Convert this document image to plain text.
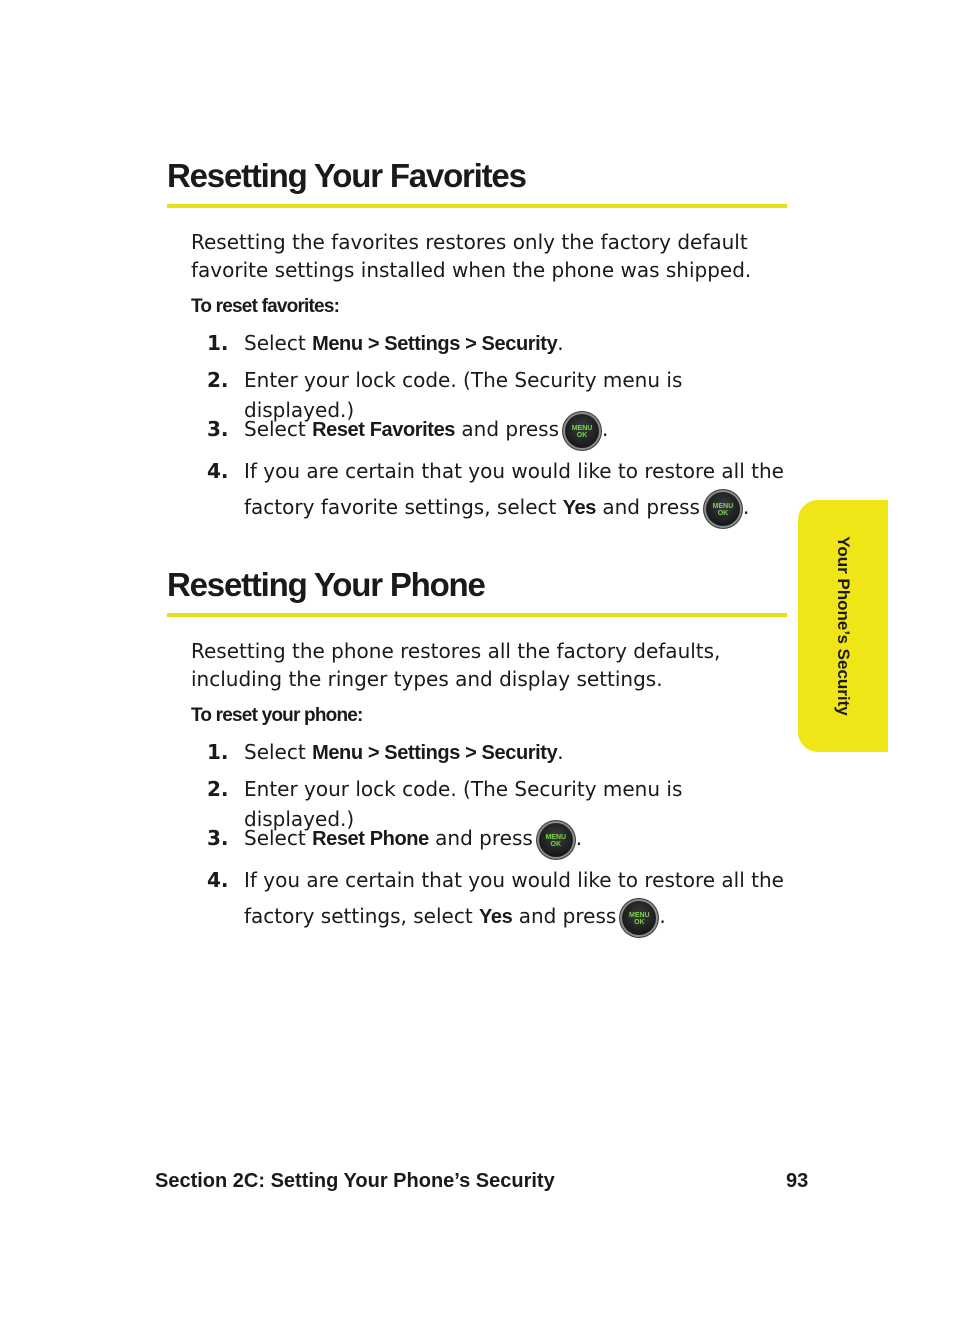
Resetting Your Favorites

Resetting the favorites restores only the factory default favorite settings installed when the phone was shipped.

To reset favorites:
1. Select Menu > Settings > Security.
2. Enter your lock code. (The Security menu is displayed.)
3. Select Reset Favorites and press	MENU
OK .
4. If you are certain that you would like to restore all the factory favorite settings, select Yes and press	MENU
OK .
Resetting Your Phone

Resetting the phone restores all the factory defaults, including the ringer types and display settings.

To reset your phone:
1. Select Menu > Settings > Security.
2. Enter your lock code. (The Security menu is displayed.)
3. Select Reset Phone and press	MENU
OK .
4. If you are certain that you would like to restore all the factory settings, select Yes and press	MENU
OK .
Your Phone’s Security
Section 2C: Setting Your Phone’s Security	93
